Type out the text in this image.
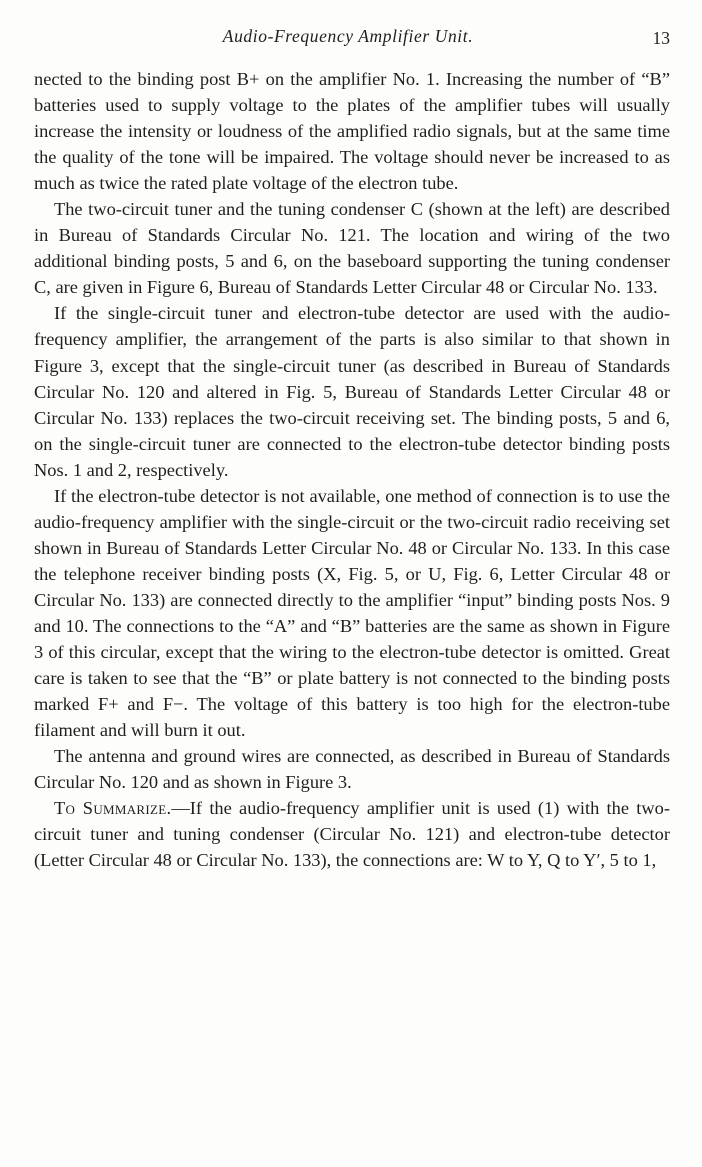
Audio-Frequency Amplifier Unit.	13

nected to the binding post B+ on the amplifier No. 1. Increasing the number of “B” batteries used to supply voltage to the plates of the amplifier tubes will usually increase the intensity or loudness of the amplified radio signals, but at the same time the quality of the tone will be impaired. The voltage should never be increased to as much as twice the rated plate voltage of the electron tube.

The two-circuit tuner and the tuning condenser C (shown at the left) are described in Bureau of Standards Circular No. 121. The location and wiring of the two additional binding posts, 5 and 6, on the baseboard supporting the tuning condenser C, are given in Figure 6, Bureau of Standards Letter Circular 48 or Circular No. 133.

If the single-circuit tuner and electron-tube detector are used with the audio-frequency amplifier, the arrangement of the parts is also similar to that shown in Figure 3, except that the single-circuit tuner (as described in Bureau of Standards Circular No. 120 and altered in Fig. 5, Bureau of Standards Letter Circular 48 or Circular No. 133) replaces the two-circuit receiving set. The binding posts, 5 and 6, on the single-circuit tuner are connected to the electron-tube detector binding posts Nos. 1 and 2, respectively.

If the electron-tube detector is not available, one method of connection is to use the audio-frequency amplifier with the single-circuit or the two-circuit radio receiving set shown in Bureau of Standards Letter Circular No. 48 or Circular No. 133. In this case the telephone receiver binding posts (X, Fig. 5, or U, Fig. 6, Letter Circular 48 or Circular No. 133) are connected directly to the amplifier “input” binding posts Nos. 9 and 10. The connections to the “A” and “B” batteries are the same as shown in Figure 3 of this circular, except that the wiring to the electron-tube detector is omitted. Great care is taken to see that the “B” or plate battery is not connected to the binding posts marked F+ and F−. The voltage of this battery is too high for the electron-tube filament and will burn it out.

The antenna and ground wires are connected, as described in Bureau of Standards Circular No. 120 and as shown in Figure 3.

To Summarize.—If the audio-frequency amplifier unit is used (1) with the two-circuit tuner and tuning condenser (Circular No. 121) and electron-tube detector (Letter Circular 48 or Circular No. 133), the connections are: W to Y, Q to Y′, 5 to 1,
